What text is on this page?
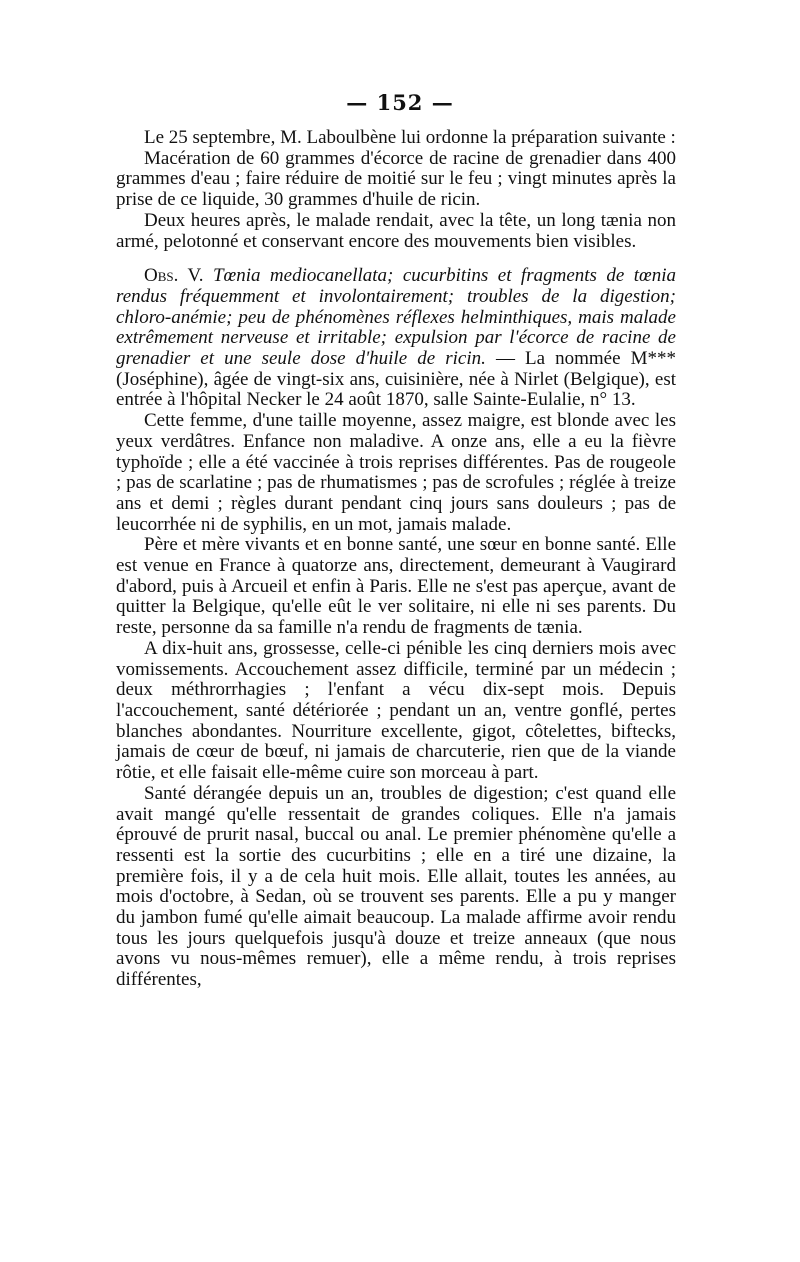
— 152 —

Le 25 septembre, M. Laboulbène lui ordonne la préparation suivante :

Macération de 60 grammes d'écorce de racine de grenadier dans 400 grammes d'eau ; faire réduire de moitié sur le feu ; vingt minutes après la prise de ce liquide, 30 grammes d'huile de ricin.

Deux heures après, le malade rendait, avec la tête, un long tænia non armé, pelotonné et conservant encore des mouvements bien visibles.

Obs. V. Tœnia mediocanellata; cucurbitins et fragments de tœnia rendus fréquemment et involontairement; troubles de la digestion; chloro-anémie; peu de phénomènes réflexes helminthiques, mais malade extrêmement nerveuse et irritable; expulsion par l'écorce de racine de grenadier et une seule dose d'huile de ricin. — La nommée M*** (Joséphine), âgée de vingt-six ans, cuisinière, née à Nirlet (Belgique), est entrée à l'hôpital Necker le 24 août 1870, salle Sainte-Eulalie, n° 13.

Cette femme, d'une taille moyenne, assez maigre, est blonde avec les yeux verdâtres. Enfance non maladive. A onze ans, elle a eu la fièvre typhoïde ; elle a été vaccinée à trois reprises différentes. Pas de rougeole ; pas de scarlatine ; pas de rhumatismes ; pas de scrofules ; réglée à treize ans et demi ; règles durant pendant cinq jours sans douleurs ; pas de leucorrhée ni de syphilis, en un mot, jamais malade.

Père et mère vivants et en bonne santé, une sœur en bonne santé. Elle est venue en France à quatorze ans, directement, demeurant à Vaugirard d'abord, puis à Arcueil et enfin à Paris. Elle ne s'est pas aperçue, avant de quitter la Belgique, qu'elle eût le ver solitaire, ni elle ni ses parents. Du reste, personne da sa famille n'a rendu de fragments de tænia.

A dix-huit ans, grossesse, celle-ci pénible les cinq derniers mois avec vomissements. Accouchement assez difficile, terminé par un médecin ; deux méthrorrhagies ; l'enfant a vécu dix-sept mois. Depuis l'accouchement, santé détériorée ; pendant un an, ventre gonflé, pertes blanches abondantes. Nourriture excellente, gigot, côtelettes, biftecks, jamais de cœur de bœuf, ni jamais de charcuterie, rien que de la viande rôtie, et elle faisait elle-même cuire son morceau à part.

Santé dérangée depuis un an, troubles de digestion; c'est quand elle avait mangé qu'elle ressentait de grandes coliques. Elle n'a jamais éprouvé de prurit nasal, buccal ou anal. Le premier phénomène qu'elle a ressenti est la sortie des cucurbitins ; elle en a tiré une dizaine, la première fois, il y a de cela huit mois. Elle allait, toutes les années, au mois d'octobre, à Sedan, où se trouvent ses parents. Elle a pu y manger du jambon fumé qu'elle aimait beaucoup. La malade affirme avoir rendu tous les jours quelquefois jusqu'à douze et treize anneaux (que nous avons vu nous-mêmes remuer), elle a même rendu, à trois reprises différentes,
